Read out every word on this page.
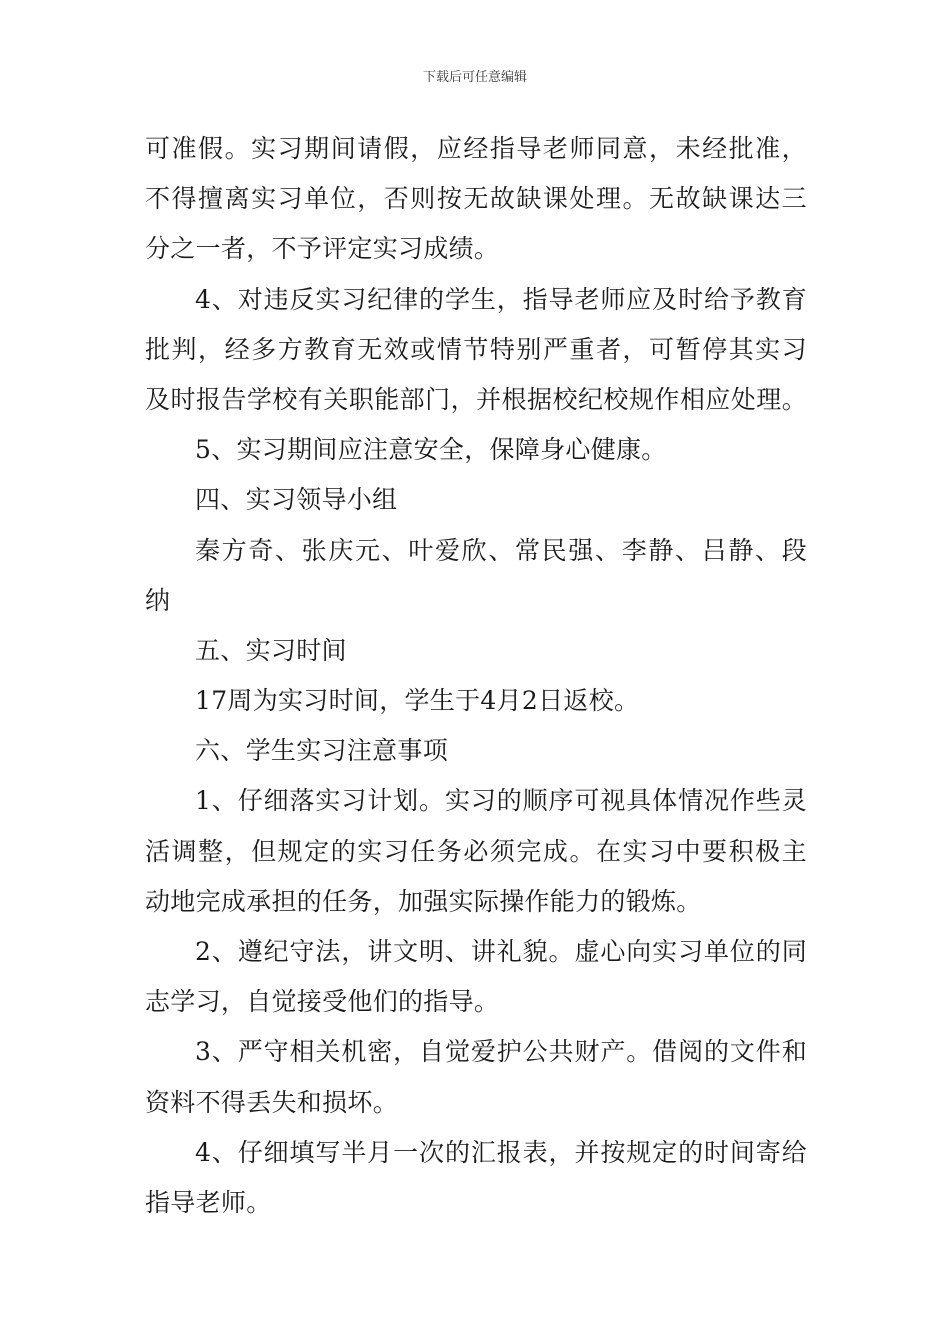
下载后可任意编辑
可准假。实习期间请假，应经指导老师同意，未经批准，
不得擅离实习单位，否则按无故缺课处理。无故缺课达三
分之一者，不予评定实习成绩。
4、对违反实习纪律的学生，指导老师应及时给予教育
批判，经多方教育无效或情节特别严重者，可暂停其实习
及时报告学校有关职能部门，并根据校纪校规作相应处理。
5、实习期间应注意安全，保障身心健康。
四、实习领导小组
秦方奇、张庆元、叶爱欣、常民强、李静、吕静、段
纳
五、实习时间
17周为实习时间，学生于4月2日返校。
六、学生实习注意事项
1、仔细落实习计划。实习的顺序可视具体情况作些灵
活调整，但规定的实习任务必须完成。在实习中要积极主
动地完成承担的任务，加强实际操作能力的锻炼。
2、遵纪守法，讲文明、讲礼貌。虚心向实习单位的同
志学习，自觉接受他们的指导。
3、严守相关机密，自觉爱护公共财产。借阅的文件和
资料不得丢失和损坏。
4、仔细填写半月一次的汇报表，并按规定的时间寄给
指导老师。
